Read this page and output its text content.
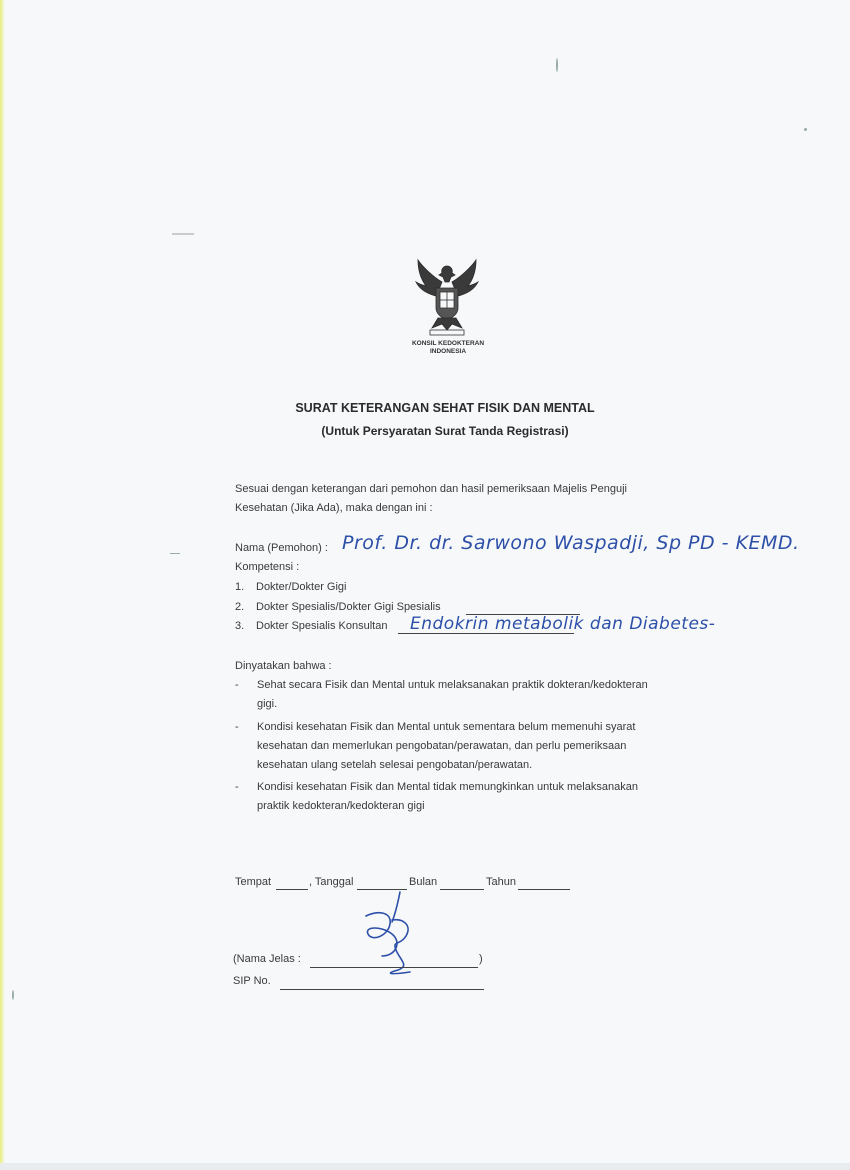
KONSIL KEDOKTERAN
INDONESIA
SURAT KETERANGAN SEHAT FISIK DAN MENTAL
(Untuk Persyaratan Surat Tanda Registrasi)
Sesuai dengan keterangan dari pemohon dan hasil pemeriksaan Majelis Penguji
Kesehatan (Jika Ada), maka dengan ini :
Nama (Pemohon) : Prof. Dr. dr. Sarwono Waspadji, Sp PD - KEMD.
Kompetensi :
1. Dokter/Dokter Gigi
2. Dokter Spesialis/Dokter Gigi Spesialis
3. Dokter Spesialis Konsultan Endokrin metabolik dan Diabetes-
Dinyatakan bahwa :
- Sehat secara Fisik dan Mental untuk melaksanakan praktik dokteran/kedokteran
gigi.
- Kondisi kesehatan Fisik dan Mental untuk sementara belum memenuhi syarat
kesehatan dan memerlukan pengobatan/perawatan, dan perlu pemeriksaan
kesehatan ulang setelah selesai pengobatan/perawatan.
- Kondisi kesehatan Fisik dan Mental tidak memungkinkan untuk melaksanakan
praktik kedokteran/kedokteran gigi
Tempat	, Tanggal	Bulan	Tahun
(Nama Jelas :	)
SIP No.
